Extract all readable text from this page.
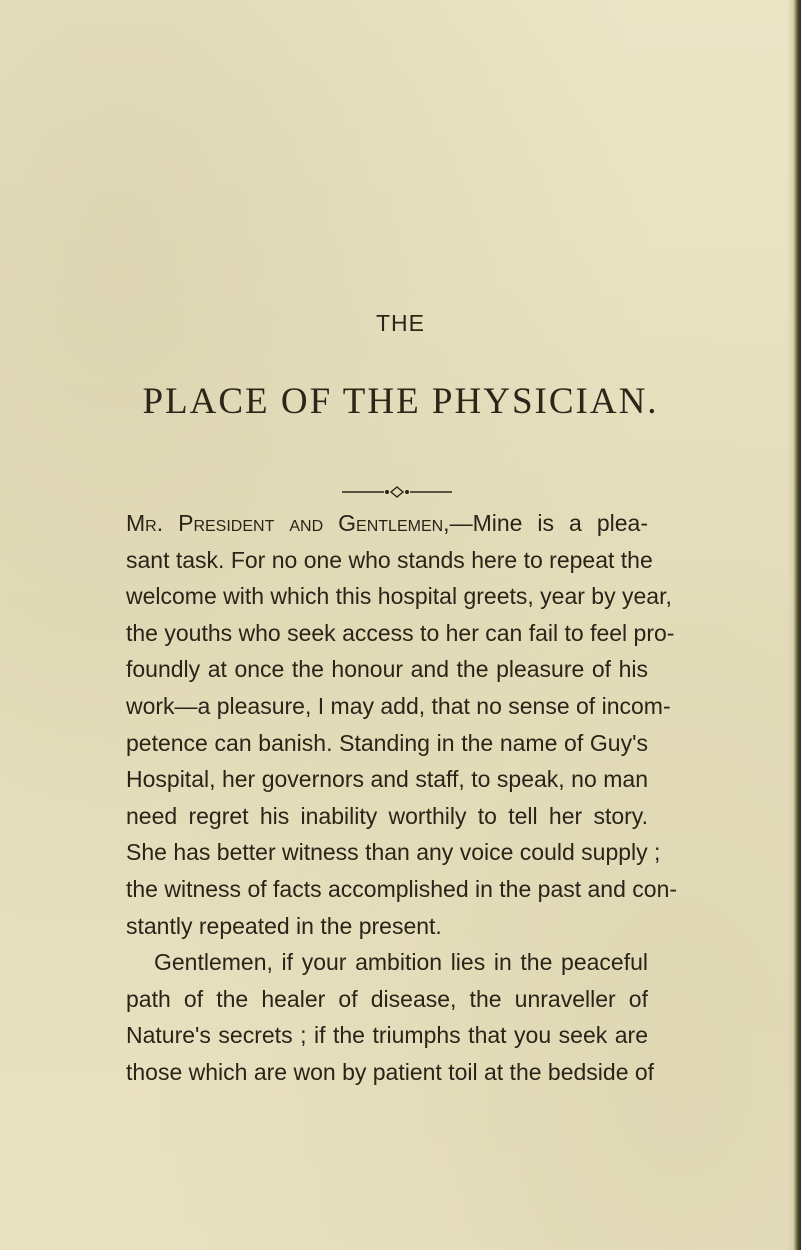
THE
PLACE OF THE PHYSICIAN.
Mr. President and Gentlemen,—Mine is a plea-
sant task. For no one who stands here to repeat the
welcome with which this hospital greets, year by year,
the youths who seek access to her can fail to feel pro-
foundly at once the honour and the pleasure of his
work—a pleasure, I may add, that no sense of incom-
petence can banish. Standing in the name of Guy's
Hospital, her governors and staff, to speak, no man
need regret his inability worthily to tell her story.
She has better witness than any voice could supply ;
the witness of facts accomplished in the past and con-
stantly repeated in the present.
Gentlemen, if your ambition lies in the peaceful
path of the healer of disease, the unraveller of
Nature's secrets ; if the triumphs that you seek are
those which are won by patient toil at the bedside of
